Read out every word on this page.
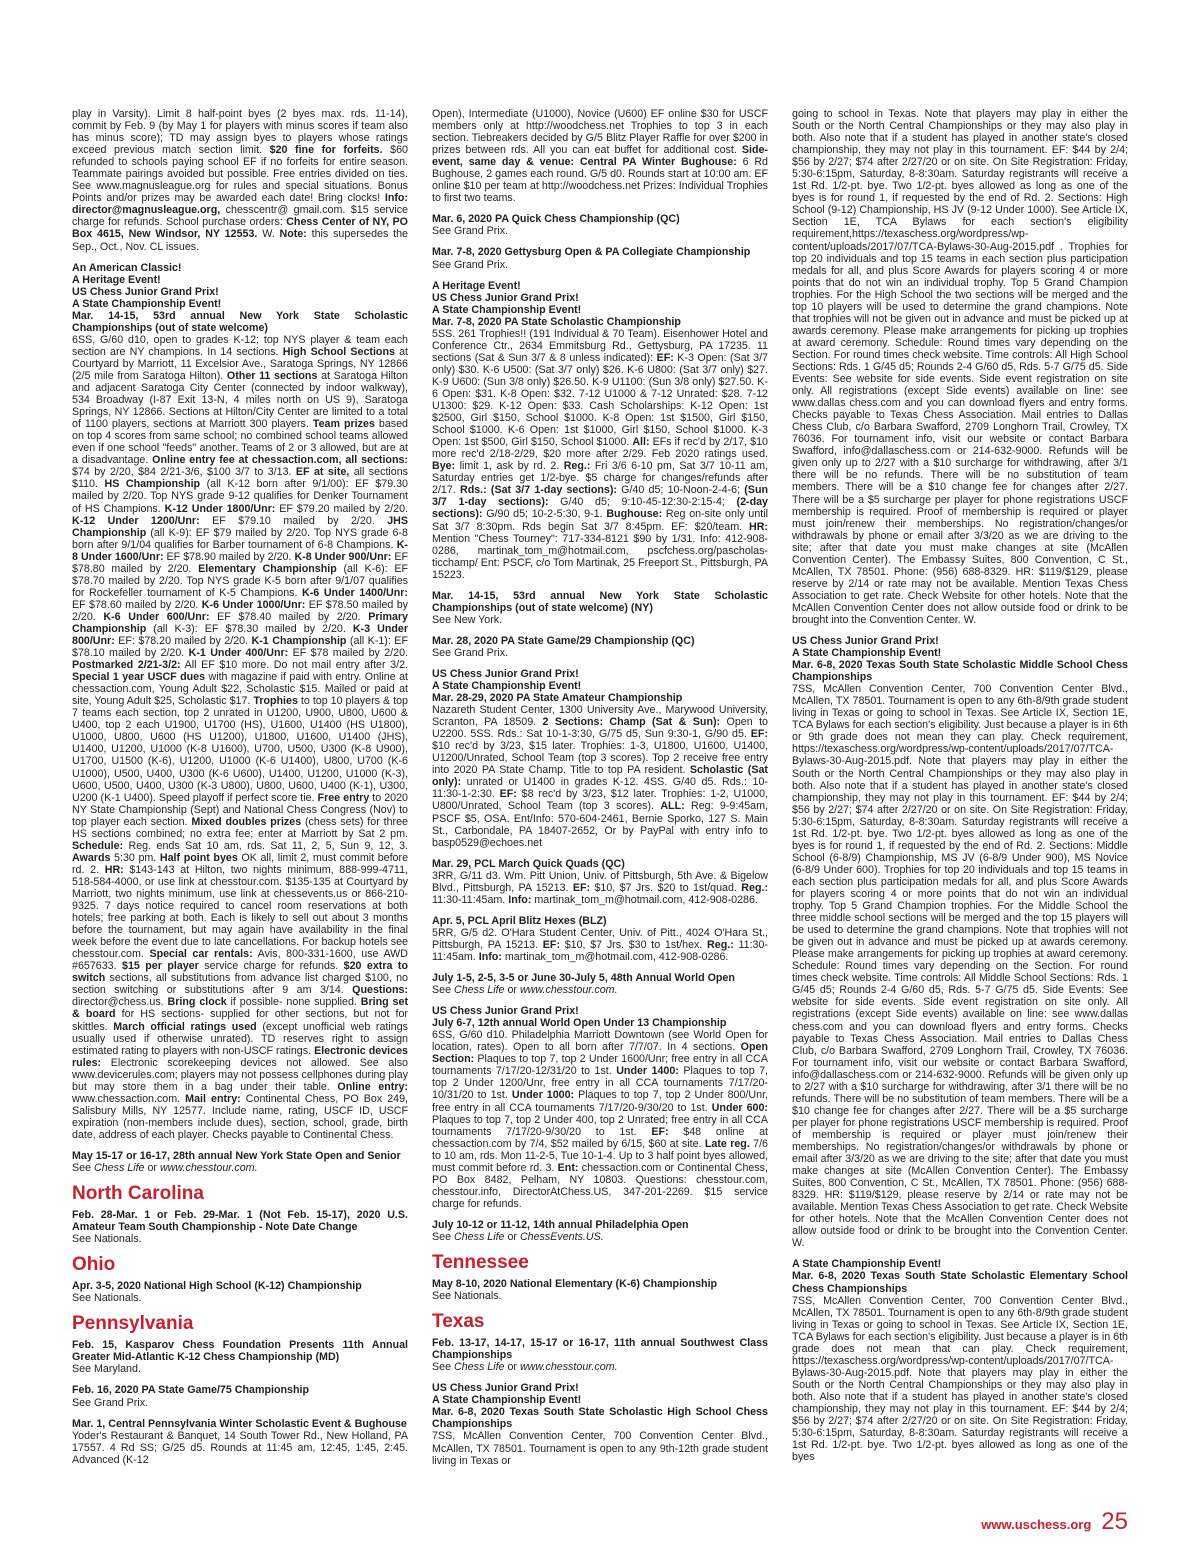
play in Varsity). Limit 8 half-point byes (2 byes max. rds. 11-14), commit by Feb. 9 (by May 1 for players with minus scores if team also has minus score); TD may assign byes to players whose ratings exceed previous match section limit. $20 fine for forfeits. $60 refunded to schools paying school EF if no forfeits for entire season. Teammate pairings avoided but possible. Free entries divided on ties. See www.magnusleague.org for rules and special situations. Bonus Points and/or prizes may be awarded each date! Bring clocks! Info: director@magnusleague.org, chesscentr@ gmail.com. $15 service charge for refunds. School purchase orders: Chess Center of NY, PO Box 4615, New Windsor, NY 12553. W. Note: this supersedes the Sep., Oct., Nov. CL issues.
An American Classic!
A Heritage Event!
US Chess Junior Grand Prix!
A State Championship Event!
Mar. 14-15, 53rd annual New York State Scholastic Championships (out of state welcome)
6SS, G/60 d10, open to grades K-12; top NYS player & team each section are NY champions. In 14 sections. High School Sections at Courtyard by Marriott, 11 Excelsior Ave., Saratoga Springs, NY 12866 (2/5 mile from Saratoga Hilton). Other 11 sections at Saratoga Hilton and adjacent Saratoga City Center (connected by indoor walkway), 534 Broadway (I-87 Exit 13-N, 4 miles north on US 9), Saratoga Springs, NY 12866. Sections at Hilton/City Center are limited to a total of 1100 players, sections at Marriott 300 players. Team prizes based on top 4 scores from same school; no combined school teams allowed even if one school "feeds" another. Teams of 2 or 3 allowed, but are at a disadvantage. Online entry fee at chessaction.com, all sections: $74 by 2/20, $84 2/21-3/6, $100 3/7 to 3/13. EF at site, all sections $110. HS Championship (all K-12 born after 9/1/00): EF $79.30 mailed by 2/20. Top NYS grade 9-12 qualifies for Denker Tournament of HS Champions. K-12 Under 1800/Unr: EF $79.20 mailed by 2/20. K-12 Under 1200/Unr: EF $79.10 mailed by 2/20. JHS Championship (all K-9): EF $79 mailed by 2/20. Top NYS grade 6-8 born after 9/1/04 qualifies for Barber tournament of 6-8 Champions. K-8 Under 1600/Unr: EF $78.90 mailed by 2/20. K-8 Under 900/Unr: EF $78.80 mailed by 2/20. Elementary Championship (all K-6): EF $78.70 mailed by 2/20. Top NYS grade K-5 born after 9/1/07 qualifies for Rockefeller tournament of K-5 Champions. K-6 Under 1400/Unr: EF $78.60 mailed by 2/20. K-6 Under 1000/Unr: EF $78.50 mailed by 2/20. K-6 Under 600/Unr: EF $78.40 mailed by 2/20. Primary Championship (all K-3): EF $78.30 mailed by 2/20. K-3 Under 800/Unr: EF: $78.20 mailed by 2/20. K-1 Championship (all K-1): EF $78.10 mailed by 2/20. K-1 Under 400/Unr: EF $78 mailed by 2/20. Postmarked 2/21-3/2: All EF $10 more. Do not mail entry after 3/2. Special 1 year USCF dues with magazine if paid with entry. Online at chessaction.com, Young Adult $22, Scholastic $15. Mailed or paid at site, Young Adult $25, Scholastic $17. Trophies to top 10 players & top 7 teams each section, top 2 unrated in U1200, U900, U800, U600 & U400, top 2 each U1900, U1700 (HS), U1600, U1400 (HS U1800), U1000, U800, U600 (HS U1200), U1800, U1600, U1400 (JHS), U1400, U1200, U1000 (K-8 U1600), U700, U500, U300 (K-8 U900), U1700, U1500 (K-6), U1200, U1000 (K-6 U1400), U800, U700 (K-6 U1000), U500, U400, U300 (K-6 U600), U1400, U1200, U1000 (K-3), U600, U500, U400, U300 (K-3 U800), U800, U600, U400 (K-1), U300, U200 (K-1 U400). Speed playoff if perfect score tie. Free entry to 2020 NY State Championship (Sept) and National Chess Congress (Nov) to top player each section. Mixed doubles prizes (chess sets) for three HS sections combined; no extra fee; enter at Marriott by Sat 2 pm. Schedule: Reg. ends Sat 10 am, rds. Sat 11, 2, 5, Sun 9, 12, 3. Awards 5:30 pm. Half point byes OK all, limit 2, must commit before rd. 2. HR: $143-143 at Hilton, two nights minimum, 888-999-4711, 518-584-4000, or use link at chesstour.com. $135-135 at Courtyard by Marriott, two nights minimum, use link at chessevents.us or 866-210-9325. 7 days notice required to cancel room reservations at both hotels; free parking at both. Each is likely to sell out about 3 months before the tournament, but may again have availability in the final week before the event due to late cancellations. For backup hotels see chesstour.com. Special car rentals: Avis, 800-331-1600, use AWD #657633. $15 per player service charge for refunds. $20 extra to switch sections, all substitutions from advance list charged $100, no section switching or substitutions after 9 am 3/14. Questions: director@chess.us. Bring clock if possible- none supplied. Bring set & board for HS sections- supplied for other sections, but not for skittles. March official ratings used (except unofficial web ratings usually used if otherwise unrated). TD reserves right to assign estimated rating to players with non-USCF ratings. Electronic devices rules: Electronic scorekeeping devices not allowed. See also www.devicerules.com; players may not possess cellphones during play but may store them in a bag under their table. Online entry: www.chessaction.com. Mail entry: Continental Chess, PO Box 249, Salisbury Mills, NY 12577. Include name, rating, USCF ID, USCF expiration (non-members include dues), section, school, grade, birth date, address of each player. Checks payable to Continental Chess.
May 15-17 or 16-17, 28th annual New York State Open and Senior
See Chess Life or www.chesstour.com.
North Carolina
Feb. 28-Mar. 1 or Feb. 29-Mar. 1 (Not Feb. 15-17), 2020 U.S. Amateur Team South Championship - Note Date Change
See Nationals.
Ohio
Apr. 3-5, 2020 National High School (K-12) Championship
See Nationals.
Pennsylvania
Feb. 15, Kasparov Chess Foundation Presents 11th Annual Greater Mid-Atlantic K-12 Chess Championship (MD)
See Maryland.
Feb. 16, 2020 PA State Game/75 Championship
See Grand Prix.
Mar. 1, Central Pennsylvania Winter Scholastic Event & Bughouse
Yoder's Restaurant & Banquet, 14 South Tower Rd., New Holland, PA 17557. 4 Rd SS; G/25 d5. Rounds at 11:45 am, 12:45, 1:45, 2:45. Advanced (K-12
Open), Intermediate (U1000), Novice (U600) EF online $30 for USCF members only at http://woodchess.net Trophies to top 3 in each section. Tiebreakers decided by G/5 Blitz Player Raffle for over $200 in prizes between rds. All you can eat buffet for additional cost. Side-event, same day & venue: Central PA Winter Bughouse: 6 Rd Bughouse, 2 games each round. G/5 d0. Rounds start at 10:00 am. EF online $10 per team at http://woodchess.net Prizes: Individual Trophies to first two teams.
Mar. 6, 2020 PA Quick Chess Championship (QC)
See Grand Prix.
Mar. 7-8, 2020 Gettysburg Open & PA Collegiate Championship
See Grand Prix.
A Heritage Event!
US Chess Junior Grand Prix!
A State Championship Event!
Mar. 7-8, 2020 PA State Scholastic Championship
5SS. 261 Trophies!! (191 Individual & 70 Team). Eisenhower Hotel and Conference Ctr., 2634 Emmitsburg Rd., Gettysburg, PA 17235. 11 sections (Sat & Sun 3/7 & 8 unless indicated): EF: K-3 Open: (Sat 3/7 only) $30. K-6 U500: (Sat 3/7 only) $26. K-6 U800: (Sat 3/7 only) $27. K-9 U600: (Sun 3/8 only) $26.50. K-9 U1100: (Sun 3/8 only) $27.50. K-6 Open: $31. K-8 Open: $32. 7-12 U1000 & 7-12 Unrated: $28. 7-12 U1300: $29. K-12 Open: $33. Cash Scholarships: K-12 Open: 1st $2500, Girl $150, School $1000. K-8 Open: 1st $1500, Girl $150, School $1000. K-6 Open: 1st $1000, Girl $150, School $1000. K-3 Open: 1st $500, Girl $150, School $1000. All: EFs if rec'd by 2/17, $10 more rec'd 2/18-2/29, $20 more after 2/29. Feb 2020 ratings used. Bye: limit 1, ask by rd. 2. Reg.: Fri 3/6 6-10 pm, Sat 3/7 10-11 am, Saturday entries get 1/2-bye. $5 charge for changes/refunds after 2/17. Rds.: (Sat 3/7 1-day sections): G/40 d5; 10-Noon-2-4-6; (Sun 3/7 1-day sections): G/40 d5; 9:10-45-12:30-2:15-4; (2-day sections): G/90 d5; 10-2-5:30, 9-1. Bughouse: Reg on-site only until Sat 3/7 8:30pm. Rds begin Sat 3/7 8:45pm. EF: $20/team. HR: Mention "Chess Tourney": 717-334-8121 $90 by 1/31. Info: 412-908-0286, martinak_tom_m@hotmail.com, pscfchess.org/pascholas-ticchamp/ Ent: PSCF, c/o Tom Martinak, 25 Freeport St., Pittsburgh, PA 15223.
Mar. 14-15, 53rd annual New York State Scholastic Championships (out of state welcome) (NY)
See New York.
Mar. 28, 2020 PA State Game/29 Championship (QC)
See Grand Prix.
US Chess Junior Grand Prix!
A State Championship Event!
Mar. 28-29, 2020 PA State Amateur Championship
Nazareth Student Center, 1300 University Ave., Marywood University, Scranton, PA 18509. 2 Sections: Champ (Sat & Sun): Open to U2200. 5SS. Rds.: Sat 10-1-3:30, G/75 d5, Sun 9:30-1, G/90 d5. EF: $10 rec'd by 3/23, $15 later. Trophies: 1-3, U1800, U1600, U1400, U1200/Unrated, School Team (top 3 scores). Top 2 receive free entry into 2020 PA State Champ. Title to top PA resident. Scholastic (Sat only): unrated or U1400 in grades K-12. 4SS. G/40 d5. Rds.: 10-11:30-1-2:30. EF: $8 rec'd by 3/23, $12 later. Trophies: 1-2, U1000, U800/Unrated, School Team (top 3 scores). ALL: Reg: 9-9:45am, PSCF $5, OSA. Ent/Info: 570-604-2461, Bernie Sporko, 127 S. Main St., Carbondale, PA 18407-2652, Or by PayPal with entry info to basp0529@echoes.net
Mar. 29, PCL March Quick Quads (QC)
3RR, G/11 d3. Wm. Pitt Union, Univ. of Pittsburgh, 5th Ave. & Bigelow Blvd., Pittsburgh, PA 15213. EF: $10, $7 Jrs. $20 to 1st/quad. Reg.: 11:30-11:45am. Info: martinak_tom_m@hotmail.com, 412-908-0286.
Apr. 5, PCL April Blitz Hexes (BLZ)
5RR, G/5 d2. O'Hara Student Center, Univ. of Pitt., 4024 O'Hara St., Pittsburgh, PA 15213. EF: $10, $7 Jrs. $30 to 1st/hex. Reg.: 11:30-11:45am. Info: martinak_tom_m@hotmail.com, 412-908-0286.
July 1-5, 2-5, 3-5 or June 30-July 5, 48th Annual World Open
See Chess Life or www.chesstour.com.
US Chess Junior Grand Prix!
July 6-7, 12th annual World Open Under 13 Championship
6SS, G/60 d10. Philadelphia Marriott Downtown (see World Open for location, rates). Open to all born after 7/7/07. In 4 sections. Open Section: Plaques to top 7, top 2 Under 1600/Unr; free entry in all CCA tournaments 7/17/20-12/31/20 to 1st. Under 1400: Plaques to top 7, top 2 Under 1200/Unr, free entry in all CCA tournaments 7/17/20-10/31/20 to 1st. Under 1000: Plaques to top 7, top 2 Under 800/Unr, free entry in all CCA tournaments 7/17/20-9/30/20 to 1st. Under 600: Plaques to top 7, top 2 Under 400, top 2 Unrated; free entry in all CCA tournaments 7/17/20-9/30/20 to 1st. EF: $48 online at chessaction.com by 7/4, $52 mailed by 6/15, $60 at site. Late reg. 7/6 to 10 am, rds. Mon 11-2-5, Tue 10-1-4. Up to 3 half point byes allowed, must commit before rd. 3. Ent: chessaction.com or Continental Chess, PO Box 8482, Pelham, NY 10803. Questions: chesstour.com, chesstour.info, DirectorAtChess.US, 347-201-2269. $15 service charge for refunds.
July 10-12 or 11-12, 14th annual Philadelphia Open
See Chess Life or ChessEvents.US.
Tennessee
May 8-10, 2020 National Elementary (K-6) Championship
See Nationals.
Texas
Feb. 13-17, 14-17, 15-17 or 16-17, 11th annual Southwest Class Championships
See Chess Life or www.chesstour.com.
US Chess Junior Grand Prix!
A State Championship Event!
Mar. 6-8, 2020 Texas South State Scholastic High School Chess Championships
7SS, McAllen Convention Center, 700 Convention Center Blvd., McAllen, TX 78501. Tournament is open to any 9th-12th grade student living in Texas or
going to school in Texas. Note that players may play in either the South or the North Central Championships or they may also play in both. Also note that if a student has played in another state's closed championship, they may not play in this tournament. EF: $44 by 2/4; $56 by 2/27; $74 after 2/27/20 or on site. On Site Registration: Friday, 5:30-6:15pm, Saturday, 8-8:30am. Saturday registrants will receive a 1st Rd. 1/2-pt. bye. Two 1/2-pt. byes allowed as long as one of the byes is for round 1, if requested by the end of Rd. 2. Sections: High School (9-12) Championship, HS JV (9-12 Under 1000). See Article IX, Section 1E, TCA Bylaws for each section's eligibility requirement,https://texaschess.org/wordpress/wp-content/uploads/2017/07/TCA-Bylaws-30-Aug-2015.pdf . Trophies for top 20 individuals and top 15 teams in each section plus participation medals for all, and plus Score Awards for players scoring 4 or more points that do not win an individual trophy. Top 5 Grand Champion trophies. For the High School the two sections will be merged and the top 10 players will be used to determine the grand champions. Note that trophies will not be given out in advance and must be picked up at awards ceremony. Please make arrangements for picking up trophies at award ceremony. Schedule: Round times vary depending on the Section. For round times check website. Time controls: All High School Sections: Rds. 1 G/45 d5; Rounds 2-4 G/60 d5, Rds. 5-7 G/75 d5. Side Events: See website for side events. Side event registration on site only. All registrations (except Side events) available on line: see www.dallas chess.com and you can download flyers and entry forms. Checks payable to Texas Chess Association. Mail entries to Dallas Chess Club, c/o Barbara Swafford, 2709 Longhorn Trail, Crowley, TX 76036. For tournament info, visit our website or contact Barbara Swafford, info@dallaschess.com or 214-632-9000. Refunds will be given only up to 2/27 with a $10 surcharge for withdrawing, after 3/1 there will be no refunds. There will be no substitution of team members. There will be a $10 change fee for changes after 2/27. There will be a $5 surcharge per player for phone registrations USCF membership is required. Proof of membership is required or player must join/renew their memberships. No registration/changes/or withdrawals by phone or email after 3/3/20 as we are driving to the site; after that date you must make changes at site (McAllen Convention Center). The Embassy Suites, 800 Convention, C St., McAllen, TX 78501. Phone: (956) 688-8329. HR: $119/$129, please reserve by 2/14 or rate may not be available. Mention Texas Chess Association to get rate. Check Website for other hotels. Note that the McAllen Convention Center does not allow outside food or drink to be brought into the Convention Center. W.
US Chess Junior Grand Prix!
A State Championship Event!
Mar. 6-8, 2020 Texas South State Scholastic Middle School Chess Championships
7SS, McAllen Convention Center, 700 Convention Center Blvd., McAllen, TX 78501. Tournament is open to any 6th-8/9th grade student living in Texas or going to school in Texas. See Article IX, Section 1E, TCA Bylaws for each section's eligibility. Just because a player is in 6th or 9th grade does not mean they can play. Check requirement, https://texaschess.org/wordpress/wp-content/uploads/2017/07/TCA-Bylaws-30-Aug-2015.pdf. Note that players may play in either the South or the North Central Championships or they may also play in both. Also note that if a student has played in another state's closed championship, they may not play in this tournament. EF: $44 by 2/4; $56 by 2/27; $74 after 2/27/20 or on site. On Site Registration: Friday, 5:30-6:15pm, Saturday, 8-8:30am. Saturday registrants will receive a 1st Rd. 1/2-pt. bye. Two 1/2-pt. byes allowed as long as one of the byes is for round 1, if requested by the end of Rd. 2. Sections: Middle School (6-8/9) Championship, MS JV (6-8/9 Under 900), MS Novice (6-8/9 Under 600). Trophies for top 20 individuals and top 15 teams in each section plus participation medals for all, and plus Score Awards for players scoring 4 or more points that do not win an individual trophy. Top 5 Grand Champion trophies. For the Middle School the three middle school sections will be merged and the top 15 players will be used to determine the grand champions. Note that trophies will not be given out in advance and must be picked up at awards ceremony. Please make arrangements for picking up trophies at award ceremony. Schedule: Round times vary depending on the Section. For round times check website. Time controls: All Middle School Sections: Rds. 1 G/45 d5; Rounds 2-4 G/60 d5, Rds. 5-7 G/75 d5. Side Events: See website for side events. Side event registration on site only. All registrations (except Side events) available on line: see www.dallas chess.com and you can download flyers and entry forms. Checks payable to Texas Chess Association. Mail entries to Dallas Chess Club, c/o Barbara Swafford, 2709 Longhorn Trail, Crowley, TX 76036. For tournament info, visit our website or contact Barbara Swafford, info@dallaschess.com or 214-632-9000. Refunds will be given only up to 2/27 with a $10 surcharge for withdrawing, after 3/1 there will be no refunds. There will be no substitution of team members. There will be a $10 change fee for changes after 2/27. There will be a $5 surcharge per player for phone registrations USCF membership is required. Proof of membership is required or player must join/renew their memberships. No registration/changes/or withdrawals by phone or email after 3/3/20 as we are driving to the site; after that date you must make changes at site (McAllen Convention Center). The Embassy Suites, 800 Convention, C St., McAllen, TX 78501. Phone: (956) 688-8329. HR: $119/$129, please reserve by 2/14 or rate may not be available. Mention Texas Chess Association to get rate. Check Website for other hotels. Note that the McAllen Convention Center does not allow outside food or drink to be brought into the Convention Center. W.
A State Championship Event!
Mar. 6-8, 2020 Texas South State Scholastic Elementary School Chess Championships
7SS, McAllen Convention Center, 700 Convention Center Blvd., McAllen, TX 78501. Tournament is open to any 6th-8/9th grade student living in Texas or going to school in Texas. See Article IX, Section 1E, TCA Bylaws for each section's eligibility. Just because a player is in 6th grade does not mean that can play. Check requirement, https://texaschess.org/wordpress/wp-content/uploads/2017/07/TCA-Bylaws-30-Aug-2015.pdf. Note that players may play in either the South or the North Central Championships or they may also play in both. Also note that if a student has played in another state's closed championship, they may not play in this tournament. EF: $44 by 2/4; $56 by 2/27; $74 after 2/27/20 or on site. On Site Registration: Friday, 5:30-6:15pm, Saturday, 8-8:30am. Saturday registrants will receive a 1st Rd. 1/2-pt. bye. Two 1/2-pt. byes allowed as long as one of the byes
www.uschess.org 25
